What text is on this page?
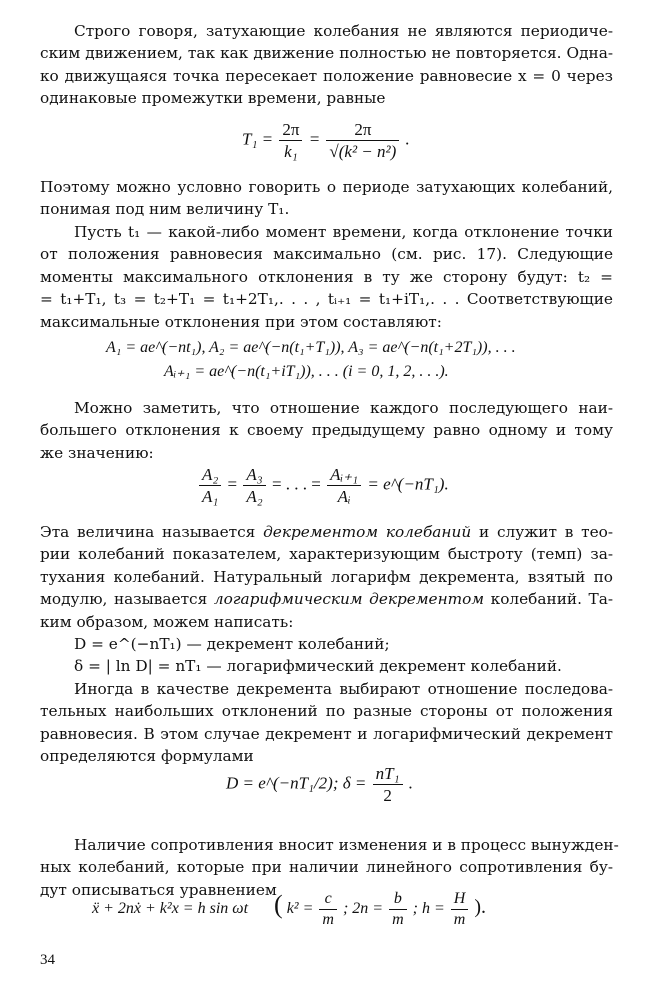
Строго говоря, затухающие колебания не являются периодиче-
ским движением, так как движение полностью не повторяется. Одна-
ко движущаяся точка пересекает положение равновесие x = 0 через
одинаковые промежутки времени, равные
$T_1 = \frac{2\pi}{\text{k₁}} = \frac{2\pi}{\text{√(k² − n²)}}$ .
Поэтому можно условно говорить о периоде затухающих колебаний,
понимая под ним величину T₁.
Пусть t₁ — какой-либо момент времени, когда отклонение точки
от положения равновесия максимально (см. рис. 17). Следующие
моменты максимального отклонения в ту же сторону будут: t₂ =
= t₁+T₁, t₃ = t₂+T₁ = t₁+2T₁,. . . , tᵢ₊₁ = t₁+iT₁,. . . Соответствующие
максимальные отклонения при этом составляют:
A₁ = ae^(−nt₁), A₂ = ae^(−n(t₁+T₁)), A₃ = ae^(−n(t₁+2T₁)), . . .
Aᵢ₊₁ = ae^(−n(t₁+iT₁)), . . . (i = 0, 1, 2, . . .).
Можно заметить, что отношение каждого последующего наи-
большего отклонения к своему предыдущему равно одному и тому
же значению:
$\frac{\text{A₂}}{\text{A₁}} = \frac{\text{A₃}}{\text{A₂}}$ = . . . = $\frac{\text{Aᵢ₊₁}}{\text{Aᵢ}}$ = e^(−nT₁).
Эта величина называется декрементом колебаний и служит в тео-
рии колебаний показателем, характеризующим быстроту (темп) за-
тухания колебаний. Натуральный логарифм декремента, взятый по
модулю, называется логарифмическим декрементом колебаний. Та-
ким образом, можем написать:
D = e^(−nT₁) — декремент колебаний;
δ = | ln D| = nT₁ — логарифмический декремент колебаний.
Иногда в качестве декремента выбирают отношение последова-
тельных наибольших отклонений по разные стороны от положения
равновесия. В этом случае декремент и логарифмический декремент
определяются формулами
D = e^(−nT₁/2); $\delta = \frac{\text{nT₁}}{2}$ .
Наличие сопротивления вносит изменения и в процесс вынужден-
ных колебаний, которые при наличии линейного сопротивления бу-
дут описываться уравнением
ẍ + 2nẋ + k²x = h sin ωt ( $k^2 = \frac{c}{m}$ ; $2n = \frac{b}{m}$ ; $h = \frac{H}{m}$ ).
34
